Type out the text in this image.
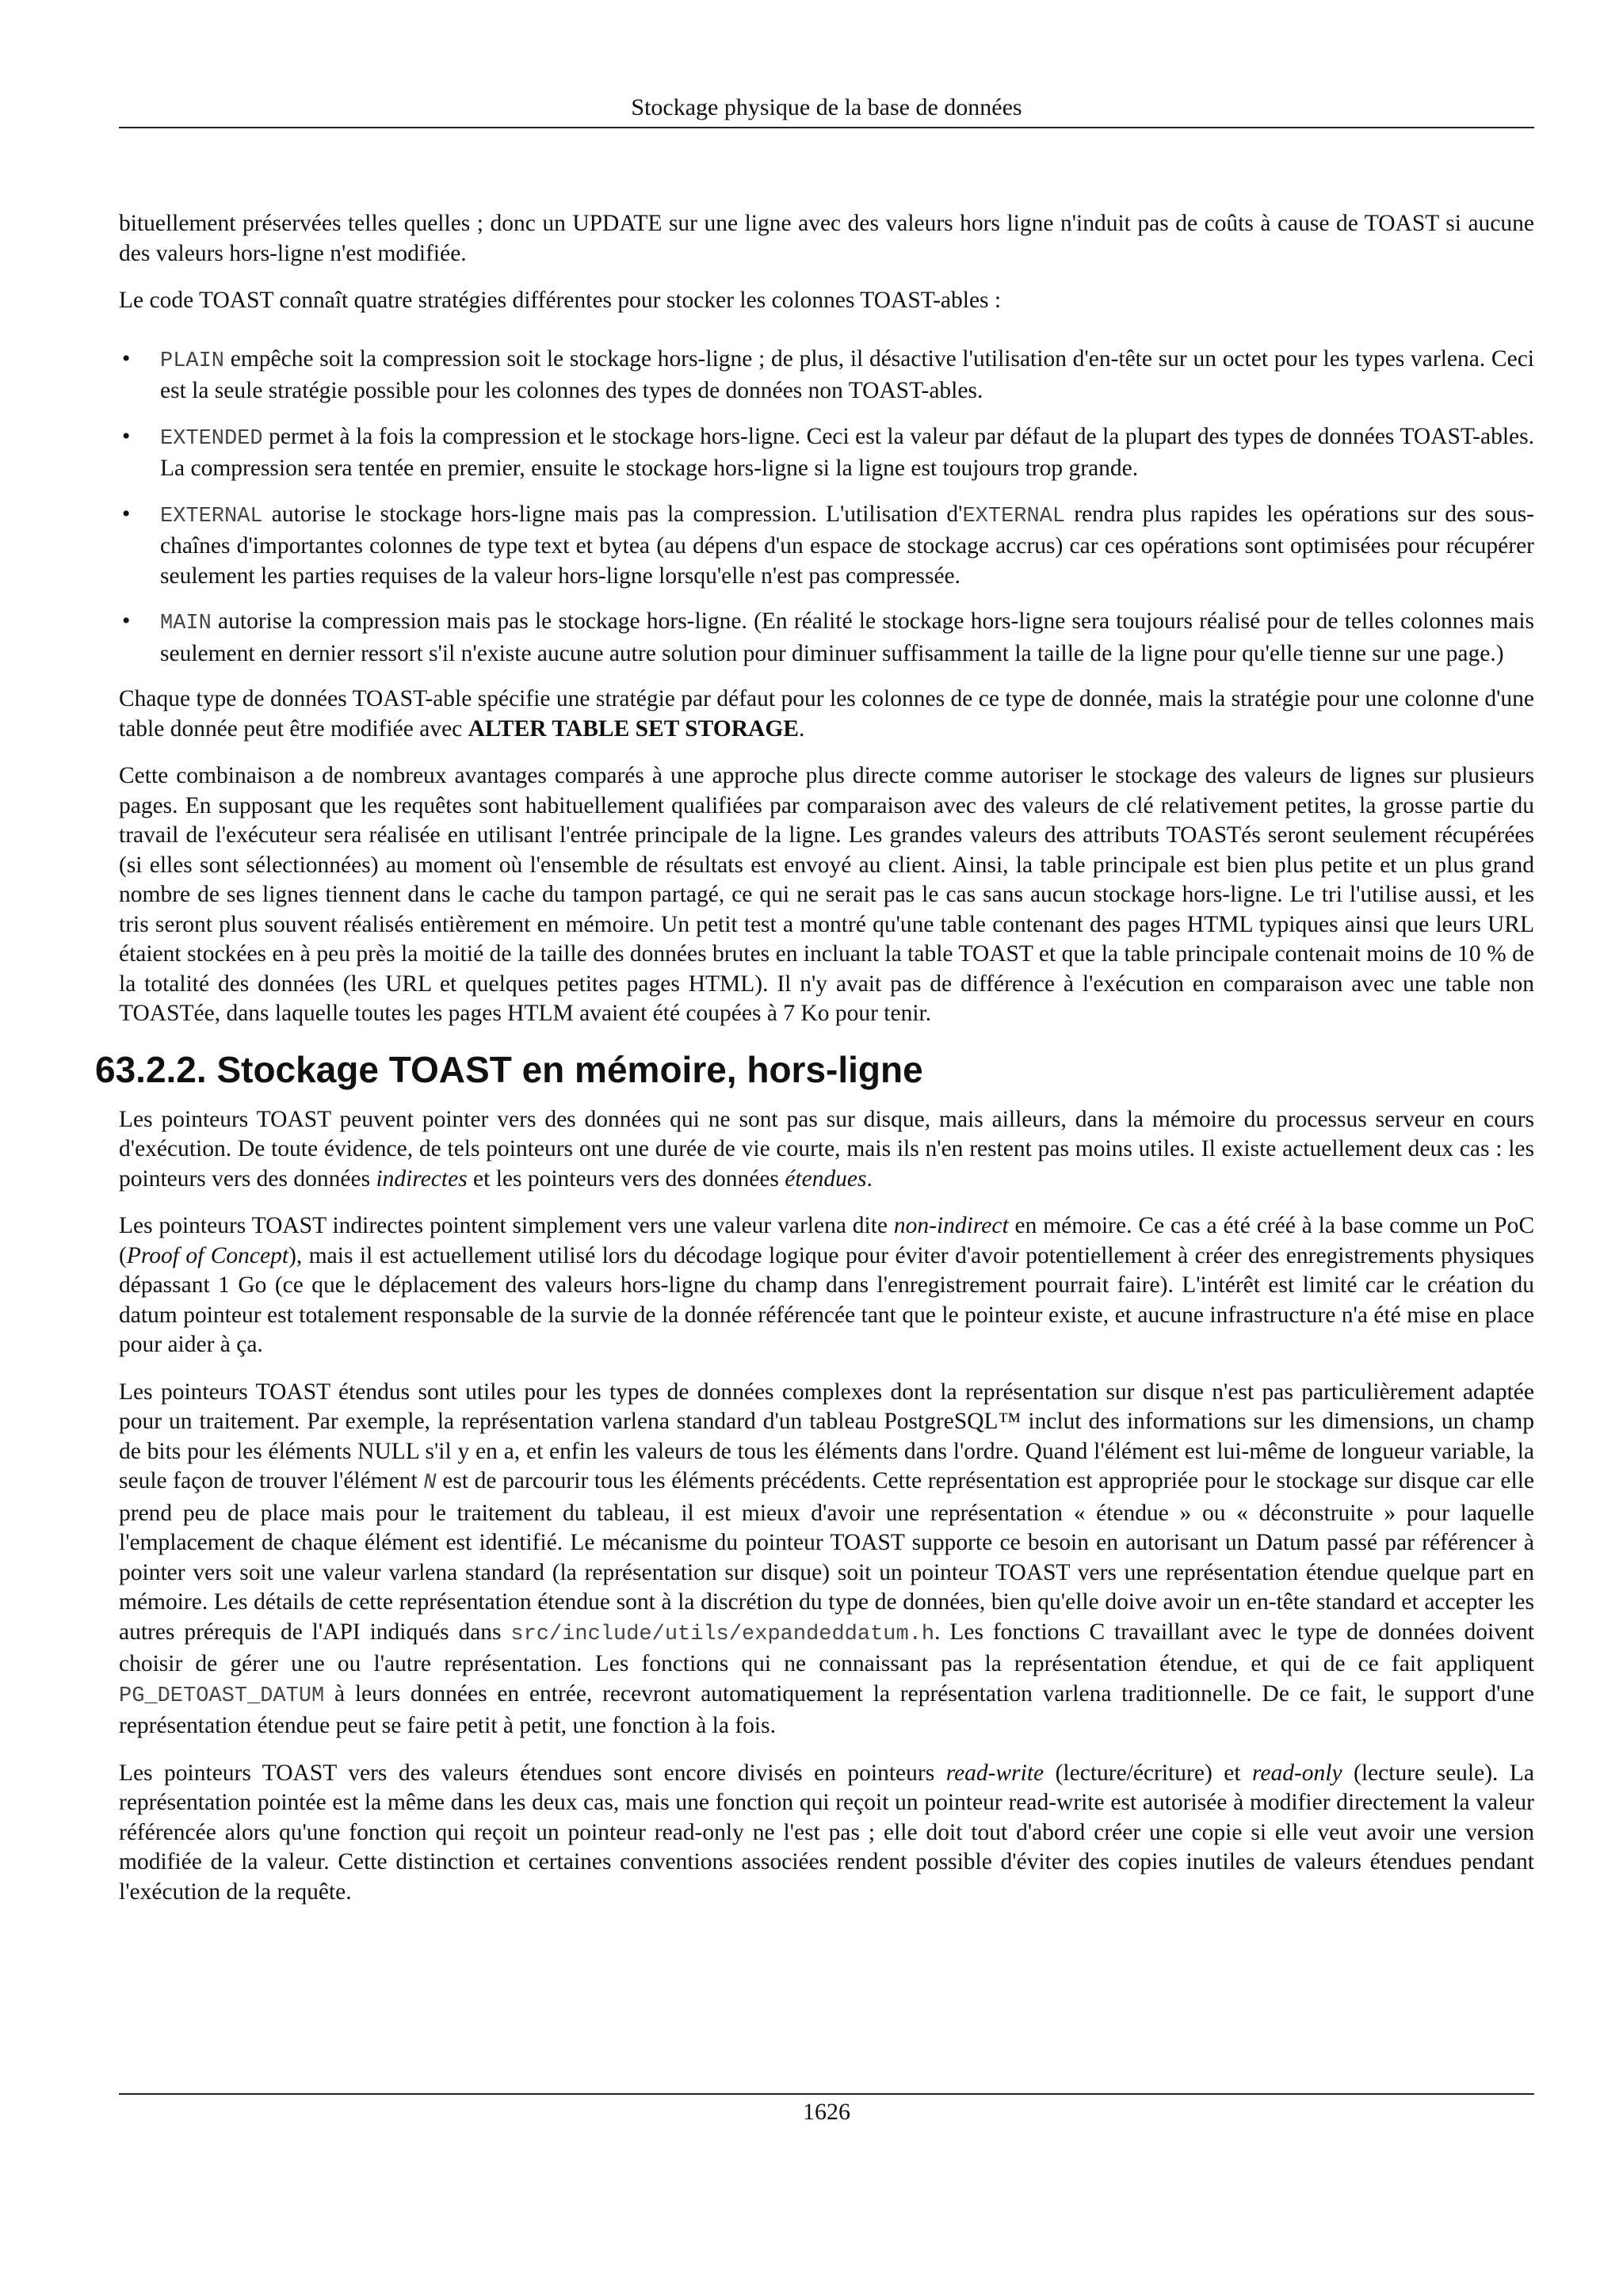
Stockage physique de la base de données

bituellement préservées telles quelles ; donc un UPDATE sur une ligne avec des valeurs hors ligne n'induit pas de coûts à cause de TOAST si aucune des valeurs hors-ligne n'est modifiée.

Le code TOAST connaît quatre stratégies différentes pour stocker les colonnes TOAST-ables :

• PLAIN empêche soit la compression soit le stockage hors-ligne ; de plus, il désactive l'utilisation d'en-tête sur un octet pour les types varlena. Ceci est la seule stratégie possible pour les colonnes des types de données non TOAST-ables.
• EXTENDED permet à la fois la compression et le stockage hors-ligne. Ceci est la valeur par défaut de la plupart des types de données TOAST-ables. La compression sera tentée en premier, ensuite le stockage hors-ligne si la ligne est toujours trop grande.
• EXTERNAL autorise le stockage hors-ligne mais pas la compression. L'utilisation d'EXTERNAL rendra plus rapides les opérations sur des sous-chaînes d'importantes colonnes de type text et bytea (au dépens d'un espace de stockage accrus) car ces opérations sont optimisées pour récupérer seulement les parties requises de la valeur hors-ligne lorsqu'elle n'est pas compressée.
• MAIN autorise la compression mais pas le stockage hors-ligne. (En réalité le stockage hors-ligne sera toujours réalisé pour de telles colonnes mais seulement en dernier ressort s'il n'existe aucune autre solution pour diminuer suffisamment la taille de la ligne pour qu'elle tienne sur une page.)

Chaque type de données TOAST-able spécifie une stratégie par défaut pour les colonnes de ce type de donnée, mais la stratégie pour une colonne d'une table donnée peut être modifiée avec ALTER TABLE SET STORAGE.

Cette combinaison a de nombreux avantages comparés à une approche plus directe comme autoriser le stockage des valeurs de lignes sur plusieurs pages. En supposant que les requêtes sont habituellement qualifiées par comparaison avec des valeurs de clé relativement petites, la grosse partie du travail de l'exécuteur sera réalisée en utilisant l'entrée principale de la ligne. Les grandes valeurs des attributs TOASTés seront seulement récupérées (si elles sont sélectionnées) au moment où l'ensemble de résultats est envoyé au client. Ainsi, la table principale est bien plus petite et un plus grand nombre de ses lignes tiennent dans le cache du tampon partagé, ce qui ne serait pas le cas sans aucun stockage hors-ligne. Le tri l'utilise aussi, et les tris seront plus souvent réalisés entièrement en mémoire. Un petit test a montré qu'une table contenant des pages HTML typiques ainsi que leurs URL étaient stockées en à peu près la moitié de la taille des données brutes en incluant la table TOAST et que la table principale contenait moins de 10 % de la totalité des données (les URL et quelques petites pages HTML). Il n'y avait pas de différence à l'exécution en comparaison avec une table non TOASTée, dans laquelle toutes les pages HTLM avaient été coupées à 7 Ko pour tenir.

63.2.2. Stockage TOAST en mémoire, hors-ligne

Les pointeurs TOAST peuvent pointer vers des données qui ne sont pas sur disque, mais ailleurs, dans la mémoire du processus serveur en cours d'exécution. De toute évidence, de tels pointeurs ont une durée de vie courte, mais ils n'en restent pas moins utiles. Il existe actuellement deux cas : les pointeurs vers des données indirectes et les pointeurs vers des données étendues.

Les pointeurs TOAST indirectes pointent simplement vers une valeur varlena dite non-indirect en mémoire. Ce cas a été créé à la base comme un PoC (Proof of Concept), mais il est actuellement utilisé lors du décodage logique pour éviter d'avoir potentiellement à créer des enregistrements physiques dépassant 1 Go (ce que le déplacement des valeurs hors-ligne du champ dans l'enregistrement pourrait faire). L'intérêt est limité car le création du datum pointeur est totalement responsable de la survie de la donnée référencée tant que le pointeur existe, et aucune infrastructure n'a été mise en place pour aider à ça.

Les pointeurs TOAST étendus sont utiles pour les types de données complexes dont la représentation sur disque n'est pas particulièrement adaptée pour un traitement. Par exemple, la représentation varlena standard d'un tableau PostgreSQL™ inclut des informations sur les dimensions, un champ de bits pour les éléments NULL s'il y en a, et enfin les valeurs de tous les éléments dans l'ordre. Quand l'élément est lui-même de longueur variable, la seule façon de trouver l'élément N est de parcourir tous les éléments précédents. Cette représentation est appropriée pour le stockage sur disque car elle prend peu de place mais pour le traitement du tableau, il est mieux d'avoir une représentation « étendue » ou « déconstruite » pour laquelle l'emplacement de chaque élément est identifié. Le mécanisme du pointeur TOAST supporte ce besoin en autorisant un Datum passé par référencer à pointer vers soit une valeur varlena standard (la représentation sur disque) soit un pointeur TOAST vers une représentation étendue quelque part en mémoire. Les détails de cette représentation étendue sont à la discrétion du type de données, bien qu'elle doive avoir un en-tête standard et accepter les autres prérequis de l'API indiqués dans src/include/utils/expandeddatum.h. Les fonctions C travaillant avec le type de données doivent choisir de gérer une ou l'autre représentation. Les fonctions qui ne connaissant pas la représentation étendue, et qui de ce fait appliquent PG_DETOAST_DATUM à leurs données en entrée, recevront automatiquement la représentation varlena traditionnelle. De ce fait, le support d'une représentation étendue peut se faire petit à petit, une fonction à la fois.

Les pointeurs TOAST vers des valeurs étendues sont encore divisés en pointeurs read-write (lecture/écriture) et read-only (lecture seule). La représentation pointée est la même dans les deux cas, mais une fonction qui reçoit un pointeur read-write est autorisée à modifier directement la valeur référencée alors qu'une fonction qui reçoit un pointeur read-only ne l'est pas ; elle doit tout d'abord créer une copie si elle veut avoir une version modifiée de la valeur. Cette distinction et certaines conventions associées rendent possible d'éviter des copies inutiles de valeurs étendues pendant l'exécution de la requête.

1626
